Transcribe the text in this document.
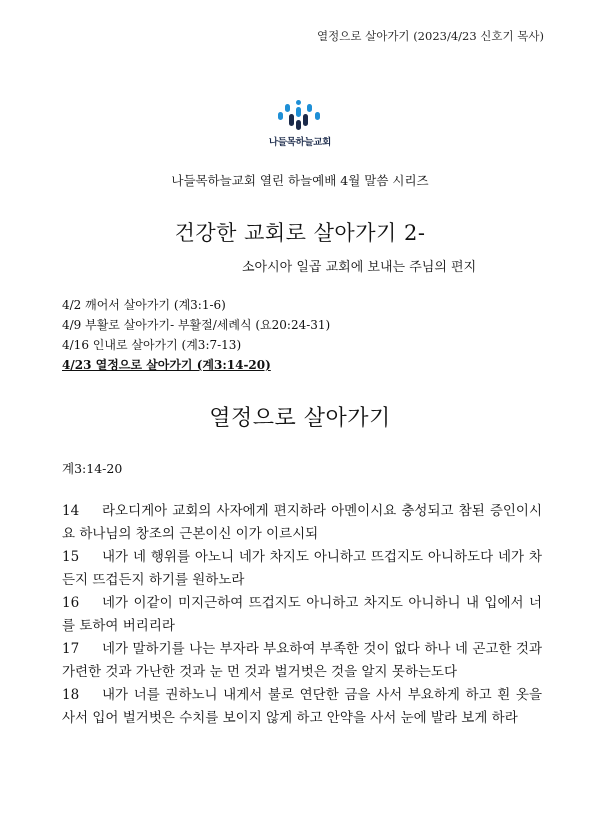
열정으로 살아가기 (2023/4/23 신호기 목사)
나들목하늘교회
나들목하늘교회 열린 하늘예배 4월 말씀 시리즈
건강한 교회로 살아가기 2-
소아시아 일곱 교회에 보내는 주님의 편지
4/2 깨어서 살아가기 (계3:1-6)
4/9 부활로 살아가기- 부활절/세례식 (요20:24-31)
4/16 인내로 살아가기 (계3:7-13)
4/23 열정으로 살아가기 (계3:14-20)
열정으로 살아가기
계3:14-20
14 라오디게아 교회의 사자에게 편지하라 아멘이시요 충성되고 참된 증인이시요 하나님의 창조의 근본이신 이가 이르시되
15 내가 네 행위를 아노니 네가 차지도 아니하고 뜨겁지도 아니하도다 네가 차든지 뜨겁든지 하기를 원하노라
16 네가 이같이 미지근하여 뜨겁지도 아니하고 차지도 아니하니 내 입에서 너를 토하여 버리리라
17 네가 말하기를 나는 부자라 부요하여 부족한 것이 없다 하나 네 곤고한 것과 가련한 것과 가난한 것과 눈 먼 것과 벌거벗은 것을 알지 못하는도다
18 내가 너를 권하노니 내게서 불로 연단한 금을 사서 부요하게 하고 흰 옷을 사서 입어 벌거벗은 수치를 보이지 않게 하고 안약을 사서 눈에 발라 보게 하라
